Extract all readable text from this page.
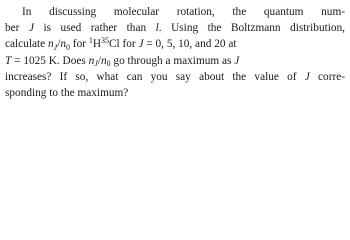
In discussing molecular rotation, the quantum num-
ber J is used rather than l. Using the Boltzmann distribution,
calculate $n_J/n_0$ for $^1H^{35}Cl$ for J = 0, 5, 10, and 20 at
T = 1025 K. Does $n_J/n_0$ go through a maximum as J
increases? If so, what can you say about the value of J corre-
sponding to the maximum?
